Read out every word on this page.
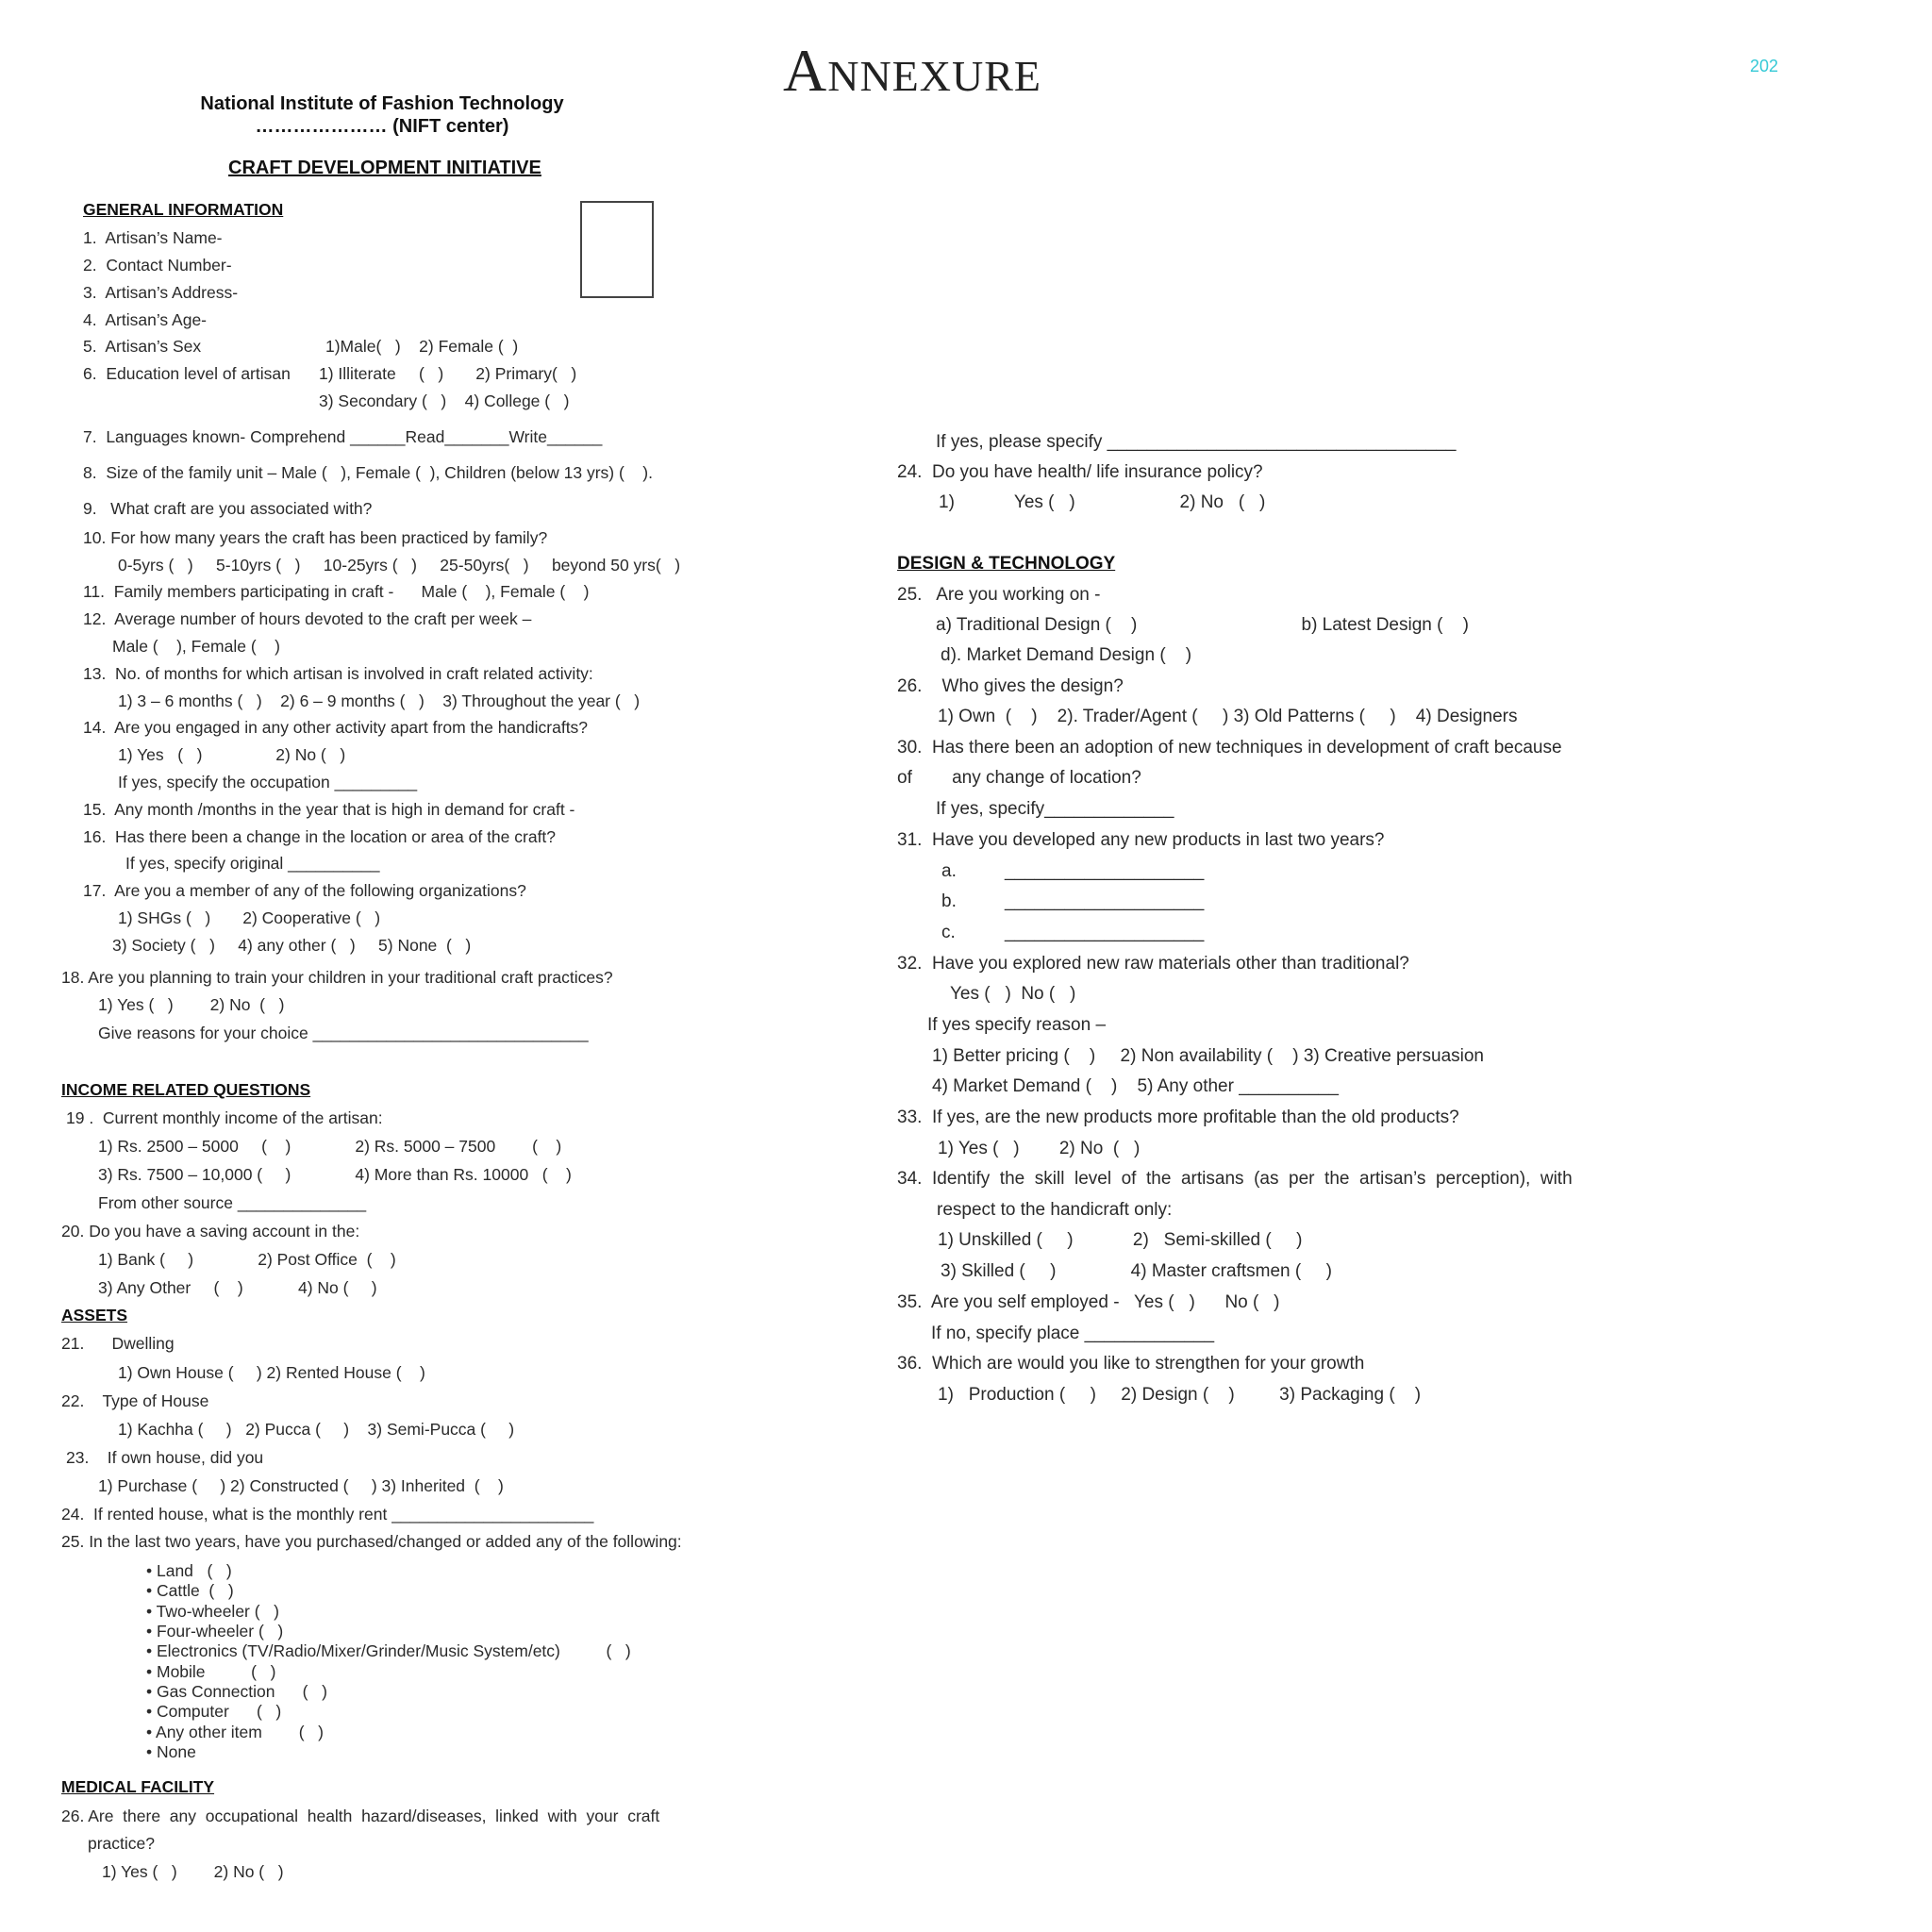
ANNEXURE	202
National Institute of Fashion Technology
………………… (NIFT center)
CRAFT DEVELOPMENT INITIATIVE
GENERAL INFORMATION
INCOME RELATED QUESTIONS
ASSETS
MEDICAL FACILITY
DESIGN & TECHNOLOGY
1.  Artisan’s Name-
2.  Contact Number-
3.  Artisan’s Address-
4.  Artisan’s Age-
5.  Artisan’s Sex	1)Male(   )    2) Female (  )
6.  Education level of artisan 1) Illiterate     (   )       2) Primary(   )
3) Secondary (   )    4) College (   )
7.  Languages known- Comprehend ______Read_______Write______
8.  Size of the family unit – Male (   ), Female (  ), Children (below 13 yrs) (    ).
9.   What craft are you associated with?
10. For how many years the craft has been practiced by family?
0-5yrs (   )     5-10yrs (   )     10-25yrs (   )     25-50yrs(   )     beyond 50 yrs(   )
11.  Family members participating in craft -      Male (    ), Female (    )
12.  Average number of hours devoted to the craft per week –
Male (    ), Female (    )
13.  No. of months for which artisan is involved in craft related activity:
1) 3 – 6 months (   )    2) 6 – 9 months (   )    3) Throughout the year (   )
14.  Are you engaged in any other activity apart from the handicrafts?
1) Yes   (   )                2) No (   )
If yes, specify the occupation _________
15.  Any month /months in the year that is high in demand for craft -
16.  Has there been a change in the location or area of the craft?
If yes, specify original __________
17.  Are you a member of any of the following organizations?
1) SHGs (   )       2) Cooperative (   )
3) Society (   )     4) any other (   )     5) None  (   )
18. Are you planning to train your children in your traditional craft practices?
1) Yes (   )        2) No  (   )
Give reasons for your choice ______________________________
19 .  Current monthly income of the artisan:
1) Rs. 2500 – 5000     (    )              2) Rs. 5000 – 7500        (    )
3) Rs. 7500 – 10,000 (     )              4) More than Rs. 10000   (    )
From other source ______________
20. Do you have a saving account in the:
1) Bank (     )              2) Post Office  (    )
3) Any Other     (    )            4) No (     )
21.      Dwelling
1) Own House (     ) 2) Rented House (    )
22.    Type of House
1) Kachha (     )   2) Pucca (     )    3) Semi-Pucca (     )
23.    If own house, did you
1) Purchase (     ) 2) Constructed (     ) 3) Inherited  (    )
24.  If rented house, what is the monthly rent ______________________
25. In the last two years, have you purchased/changed or added any of the following:
• Land   (   )
• Cattle  (   )
• Two-wheeler (   )
• Four-wheeler (   )
• Electronics (TV/Radio/Mixer/Grinder/Music System/etc)          (   )
• Mobile          (   )
• Gas Connection      (   )
• Computer      (   )
• Any other item        (   )
• None
26. Are  there  any  occupational  health  hazard/diseases,  linked  with  your  craft
practice?
1) Yes (   )        2) No (   )
If yes, please specify ___________________________________
24.  Do you have health/ life insurance policy?
1)            Yes (   )                     2) No   (   )
25.   Are you working on -
a) Traditional Design (    )                                 b) Latest Design (    )
d). Market Demand Design (    )
26.    Who gives the design?
1) Own  (    )    2). Trader/Agent (     ) 3) Old Patterns (     )    4) Designers
30.  Has there been an adoption of new techniques in development of craft because
of        any change of location?
If yes, specify_____________
31.  Have you developed any new products in last two years?
a.	____________________
b.	____________________
c.	____________________
32.  Have you explored new raw materials other than traditional?
Yes (   )  No (   )
If yes specify reason –
1) Better pricing (    )     2) Non availability (    ) 3) Creative persuasion
4) Market Demand (    )    5) Any other __________
33.  If yes, are the new products more profitable than the old products?
1) Yes (   )        2) No  (   )
34.  Identify  the  skill  level  of  the  artisans  (as  per  the  artisan’s  perception),  with
respect to the handicraft only:
1) Unskilled (     )            2)   Semi-skilled (     )
3) Skilled (     )               4) Master craftsmen (     )
35.  Are you self employed -   Yes (   )      No (   )
If no, specify place _____________
36.  Which are would you like to strengthen for your growth
1)   Production (     )     2) Design (    )         3) Packaging (    )
